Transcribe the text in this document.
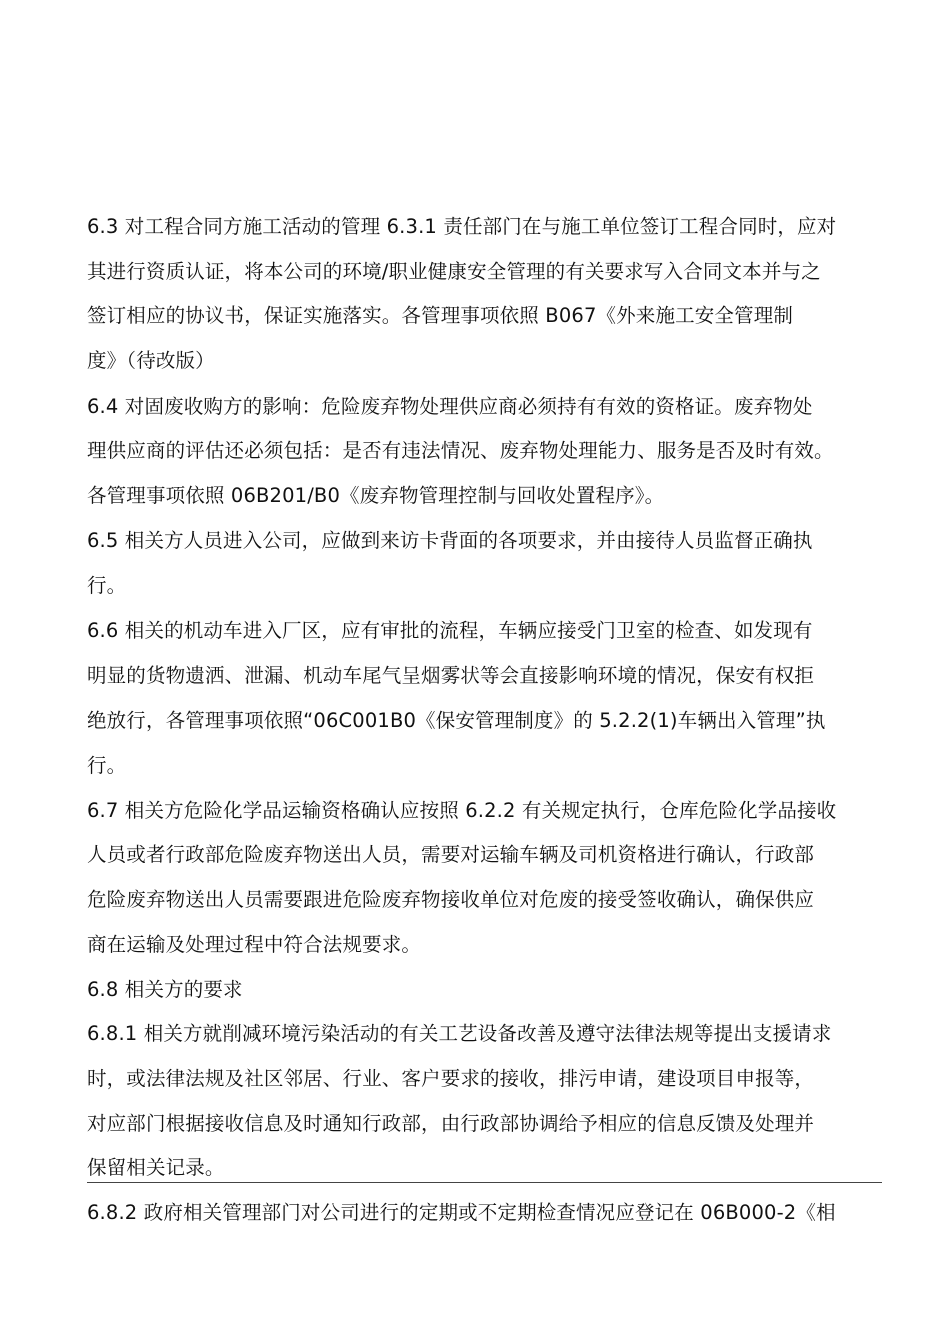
6.3 对工程合同方施工活动的管理 6.3.1 责任部门在与施工单位签订工程合同时，应对
其进行资质认证，将本公司的环境/职业健康安全管理的有关要求写入合同文本并与之
签订相应的协议书，保证实施落实。各管理事项依照 B067《外来施工安全管理制
度》（待改版）
6.4 对固废收购方的影响：危险废弃物处理供应商必须持有有效的资格证。废弃物处
理供应商的评估还必须包括：是否有违法情况、废弃物处理能力、服务是否及时有效。
各管理事项依照 06B201/B0《废弃物管理控制与回收处置程序》。
6.5 相关方人员进入公司，应做到来访卡背面的各项要求，并由接待人员监督正确执
行。
6.6 相关的机动车进入厂区，应有审批的流程，车辆应接受门卫室的检查、如发现有
明显的货物遗洒、泄漏、机动车尾气呈烟雾状等会直接影响环境的情况，保安有权拒
绝放行，各管理事项依照“06C001B0《保安管理制度》的 5.2.2(1)车辆出入管理”执
行。
6.7 相关方危险化学品运输资格确认应按照 6.2.2 有关规定执行，仓库危险化学品接收
人员或者行政部危险废弃物送出人员，需要对运输车辆及司机资格进行确认，行政部
危险废弃物送出人员需要跟进危险废弃物接收单位对危废的接受签收确认，确保供应
商在运输及处理过程中符合法规要求。
6.8 相关方的要求
6.8.1 相关方就削减环境污染活动的有关工艺设备改善及遵守法律法规等提出支援请求
时，或法律法规及社区邻居、行业、客户要求的接收，排污申请，建设项目申报等，
对应部门根据接收信息及时通知行政部，由行政部协调给予相应的信息反馈及处理并
保留相关记录。
6.8.2 政府相关管理部门对公司进行的定期或不定期检查情况应登记在 06B000-2《相
